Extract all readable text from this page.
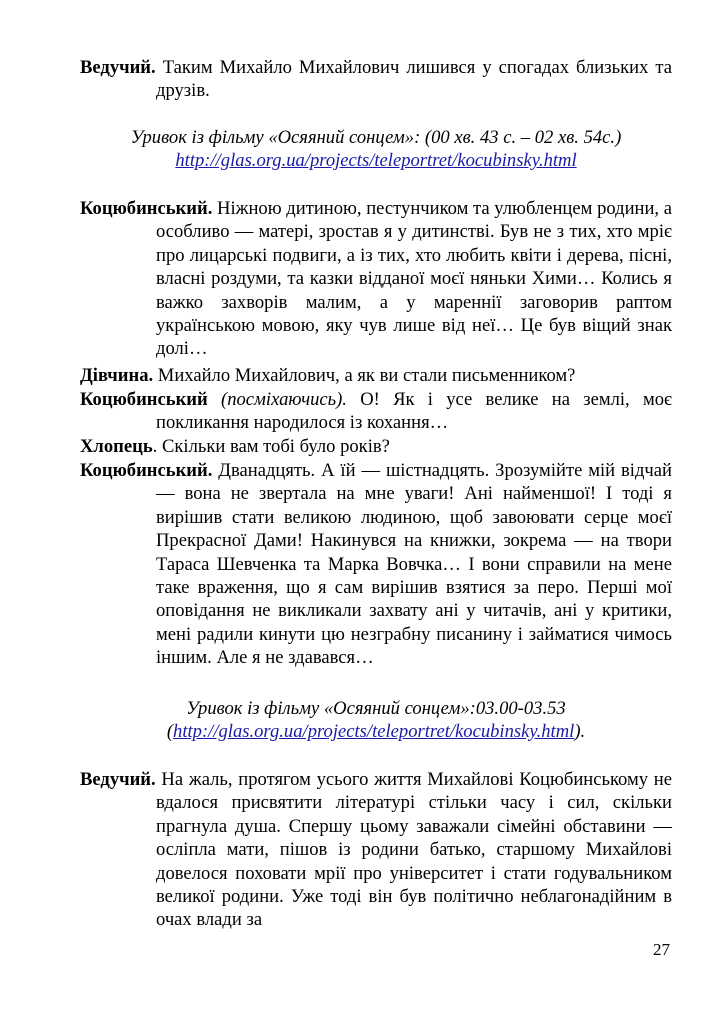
Ведучий. Таким Михайло Михайлович лишився у спогадах близьких та друзів.
Уривок із фільму «Осяяний сонцем»: (00 хв. 43 с. – 02 хв. 54с.)
http://glas.org.ua/projects/teleportret/kocubinsky.html
Коцюбинський. Ніжною дитиною, пестунчиком та улюбленцем родини, а особливо — матері, зростав я у дитинстві. Був не з тих, хто мріє про лицарські подвиги, а із тих, хто любить квіти і дерева, пісні, власні роздуми, та казки відданої моєї няньки Хими… Колись я важко захворів малим, а у мареннії заговорив раптом українською мовою, яку чув лише від неї… Це був віщий знак долі…
Дівчина. Михайло Михайлович, а як ви стали письменником?
Коцюбинський (посміхаючись). О! Як і усе велике на землі, моє покликання народилося із кохання…
Хлопець. Скільки вам тобі було років?
Коцюбинський. Дванадцять. А їй — шістнадцять. Зрозумійте мій відчай — вона не звертала на мне уваги! Ані найменшої! І тоді я вирішив стати великою людиною, щоб завоювати серце моєї Прекрасної Дами! Накинувся на книжки, зокрема — на твори Тараса Шевченка та Марка Вовчка… І вони справили на мене таке враження, що я сам вирішив взятися за перо. Перші мої оповідання не викликали захвату ані у читачів, ані у критики, мені радили кинути цю незграбну писанину і займатися чимось іншим. Але я не здавався…
Уривок із фільму «Осяяний сонцем»:03.00-03.53
(http://glas.org.ua/projects/teleportret/kocubinsky.html).
Ведучий. На жаль, протягом усього життя Михайлові Коцюбинському не вдалося присвятити літературі стільки часу і сил, скільки прагнула душа. Спершу цьому заважали сімейні обставини — осліпла мати, пішов із родини батько, старшому Михайлові довелося поховати мрії про університет і стати годувальником великої родини. Уже тоді він був політично неблагонадійним в очах влади за
27
